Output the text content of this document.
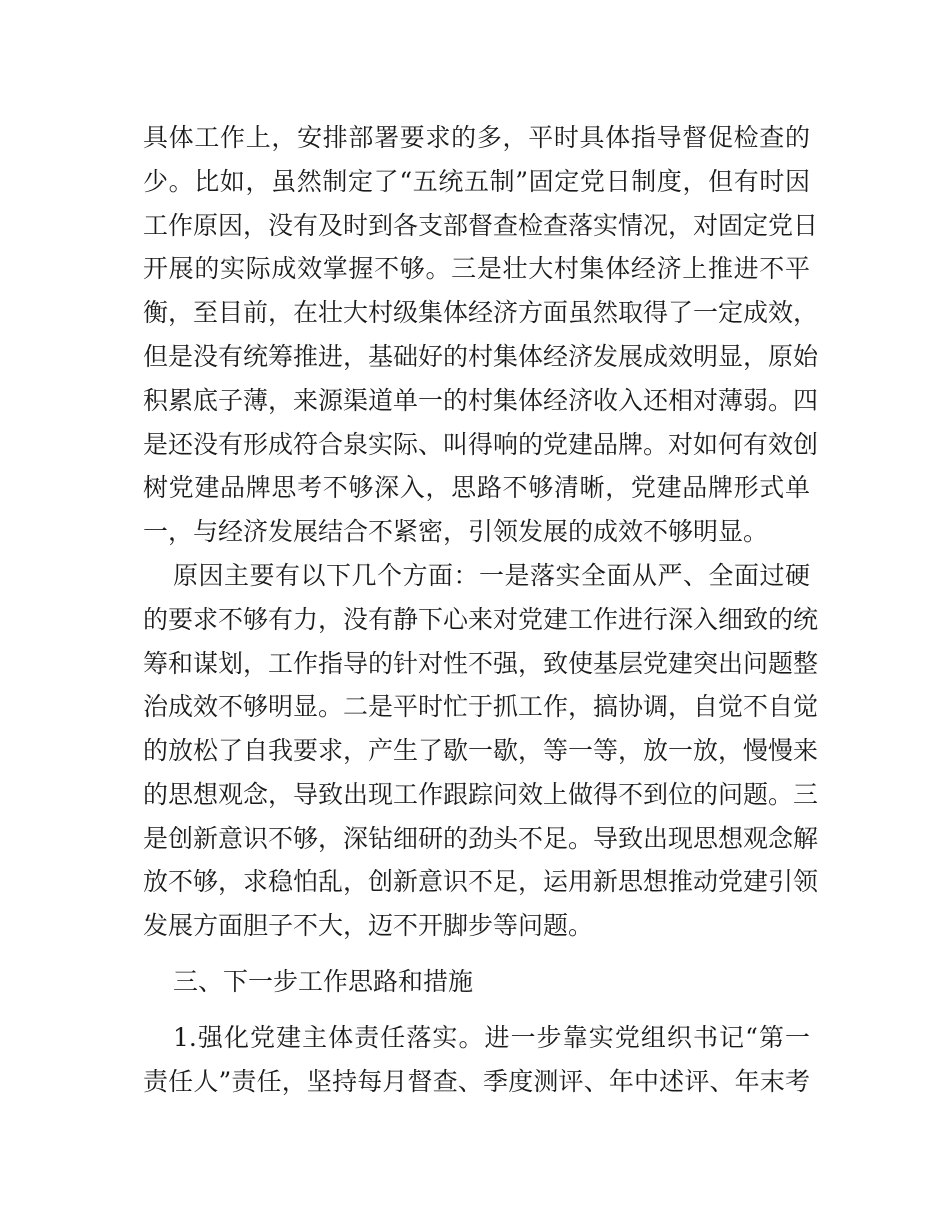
具体工作上，安排部署要求的多，平时具体指导督促检查的
少。比如，虽然制定了“五统五制”固定党日制度，但有时因
工作原因，没有及时到各支部督查检查落实情况，对固定党日
开展的实际成效掌握不够。三是壮大村集体经济上推进不平
衡，至目前，在壮大村级集体经济方面虽然取得了一定成效，
但是没有统筹推进，基础好的村集体经济发展成效明显，原始
积累底子薄，来源渠道单一的村集体经济收入还相对薄弱。四
是还没有形成符合泉实际、叫得响的党建品牌。对如何有效创
树党建品牌思考不够深入，思路不够清晰，党建品牌形式单
一，与经济发展结合不紧密，引领发展的成效不够明显。
原因主要有以下几个方面：一是落实全面从严、全面过硬
的要求不够有力，没有静下心来对党建工作进行深入细致的统
筹和谋划，工作指导的针对性不强，致使基层党建突出问题整
治成效不够明显。二是平时忙于抓工作，搞协调，自觉不自觉
的放松了自我要求，产生了歇一歇，等一等，放一放，慢慢来
的思想观念，导致出现工作跟踪问效上做得不到位的问题。三
是创新意识不够，深钻细研的劲头不足。导致出现思想观念解
放不够，求稳怕乱，创新意识不足，运用新思想推动党建引领
发展方面胆子不大，迈不开脚步等问题。
三、下一步工作思路和措施
1.强化党建主体责任落实。进一步靠实党组织书记“第一
责任人”责任，坚持每月督查、季度测评、年中述评、年末考
